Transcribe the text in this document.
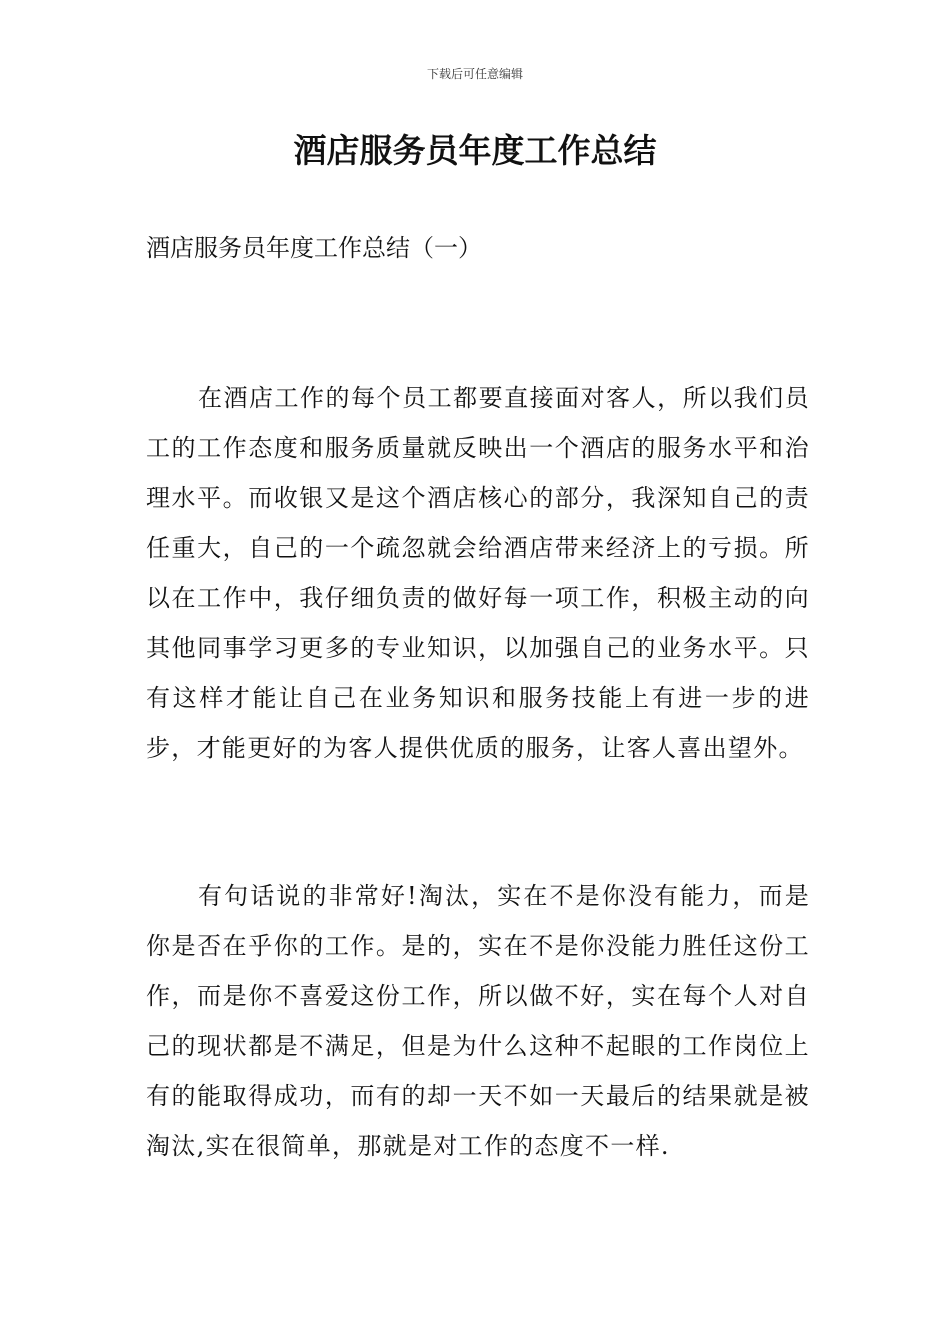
下载后可任意编辑
酒店服务员年度工作总结

酒店服务员年度工作总结（一）

在酒店工作的每个员工都要直接面对客人，所以我们员工的工作态度和服务质量就反映出一个酒店的服务水平和治理水平。而收银又是这个酒店核心的部分，我深知自己的责任重大，自己的一个疏忽就会给酒店带来经济上的亏损。所以在工作中，我仔细负责的做好每一项工作，积极主动的向其他同事学习更多的专业知识，以加强自己的业务水平。只有这样才能让自己在业务知识和服务技能上有进一步的进步，才能更好的为客人提供优质的服务，让客人喜出望外。

有句话说的非常好!淘汰，实在不是你没有能力，而是你是否在乎你的工作。是的，实在不是你没能力胜任这份工作，而是你不喜爱这份工作，所以做不好，实在每个人对自己的现状都是不满足，但是为什么这种不起眼的工作岗位上有的能取得成功，而有的却一天不如一天最后的结果就是被淘汰,实在很简单，那就是对工作的态度不一样.
